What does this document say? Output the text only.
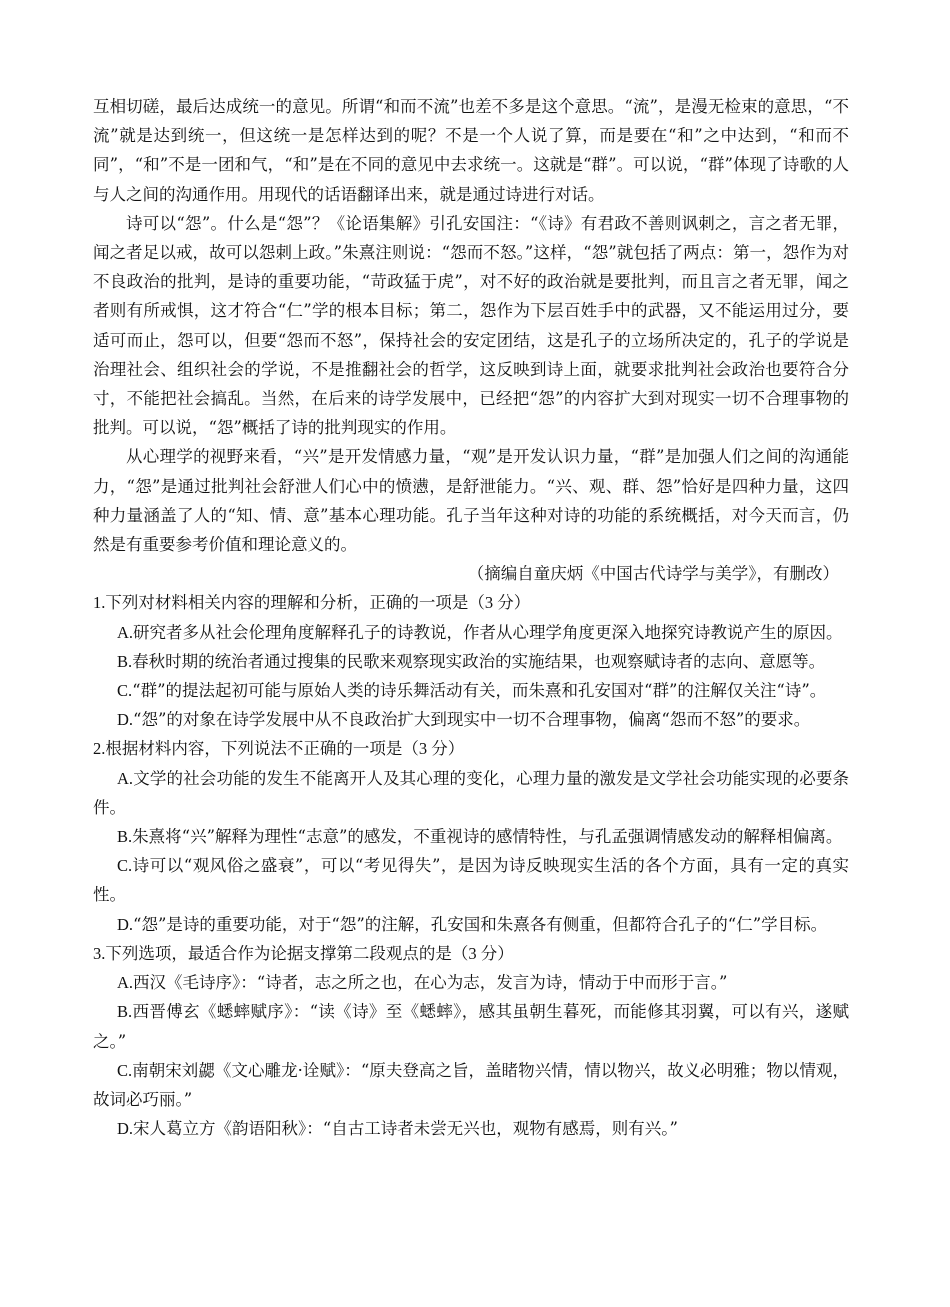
互相切磋，最后达成统一的意见。所谓“和而不流”也差不多是这个意思。“流”，是漫无检束的意思，“不流”就是达到统一，但这统一是怎样达到的呢？不是一个人说了算，而是要在“和”之中达到，“和而不同”，“和”不是一团和气，“和”是在不同的意见中去求统一。这就是“群”。可以说，“群”体现了诗歌的人与人之间的沟通作用。用现代的话语翻译出来，就是通过诗进行对话。

诗可以“怨”。什么是“怨”？《论语集解》引孔安国注：“《诗》有君政不善则讽刺之，言之者无罪，闻之者足以戒，故可以怨刺上政。”朱熹注则说：“怨而不怒。”这样，“怨”就包括了两点：第一，怨作为对不良政治的批判，是诗的重要功能，“苛政猛于虎”，对不好的政治就是要批判，而且言之者无罪，闻之者则有所戒惧，这才符合“仁”学的根本目标；第二，怨作为下层百姓手中的武器，又不能运用过分，要适可而止，怨可以，但要“怨而不怒”，保持社会的安定团结，这是孔子的立场所决定的，孔子的学说是治理社会、组织社会的学说，不是推翻社会的哲学，这反映到诗上面，就要求批判社会政治也要符合分寸，不能把社会搞乱。当然，在后来的诗学发展中，已经把“怨”的内容扩大到对现实一切不合理事物的批判。可以说，“怨”概括了诗的批判现实的作用。

从心理学的视野来看，“兴”是开发情感力量，“观”是开发认识力量，“群”是加强人们之间的沟通能力，“怨”是通过批判社会舒泄人们心中的愤懑，是舒泄能力。“兴、观、群、怨”恰好是四种力量，这四种力量涵盖了人的“知、情、意”基本心理功能。孔子当年这种对诗的功能的系统概括，对今天而言，仍然是有重要参考价值和理论意义的。

（摘编自童庆炳《中国古代诗学与美学》，有删改）

1.下列对材料相关内容的理解和分析，正确的一项是（3 分）

A.研究者多从社会伦理角度解释孔子的诗教说，作者从心理学角度更深入地探究诗教说产生的原因。

B.春秋时期的统治者通过搜集的民歌来观察现实政治的实施结果，也观察赋诗者的志向、意愿等。

C.“群”的提法起初可能与原始人类的诗乐舞活动有关，而朱熹和孔安国对“群”的注解仅关注“诗”。

D.“怨”的对象在诗学发展中从不良政治扩大到现实中一切不合理事物，偏离“怨而不怒”的要求。

2.根据材料内容，下列说法不正确的一项是（3 分）

A.文学的社会功能的发生不能离开人及其心理的变化，心理力量的激发是文学社会功能实现的必要条件。

B.朱熹将“兴”解释为理性“志意”的感发，不重视诗的感情特性，与孔孟强调情感发动的解释相偏离。

C.诗可以“观风俗之盛衰”，可以“考见得失”，是因为诗反映现实生活的各个方面，具有一定的真实性。

D.“怨”是诗的重要功能，对于“怨”的注解，孔安国和朱熹各有侧重，但都符合孔子的“仁”学目标。

3.下列选项，最适合作为论据支撑第二段观点的是（3 分）

A.西汉《毛诗序》：“诗者，志之所之也，在心为志，发言为诗，情动于中而形于言。”

B.西晋傅玄《蟋蟀赋序》：“读《诗》至《蟋蟀》，感其虽朝生暮死，而能修其羽翼，可以有兴，遂赋之。”

C.南朝宋刘勰《文心雕龙·诠赋》：“原夫登高之旨，盖睹物兴情，情以物兴，故义必明雅；物以情观，故词必巧丽。”

D.宋人葛立方《韵语阳秋》：“自古工诗者未尝无兴也，观物有感焉，则有兴。”
